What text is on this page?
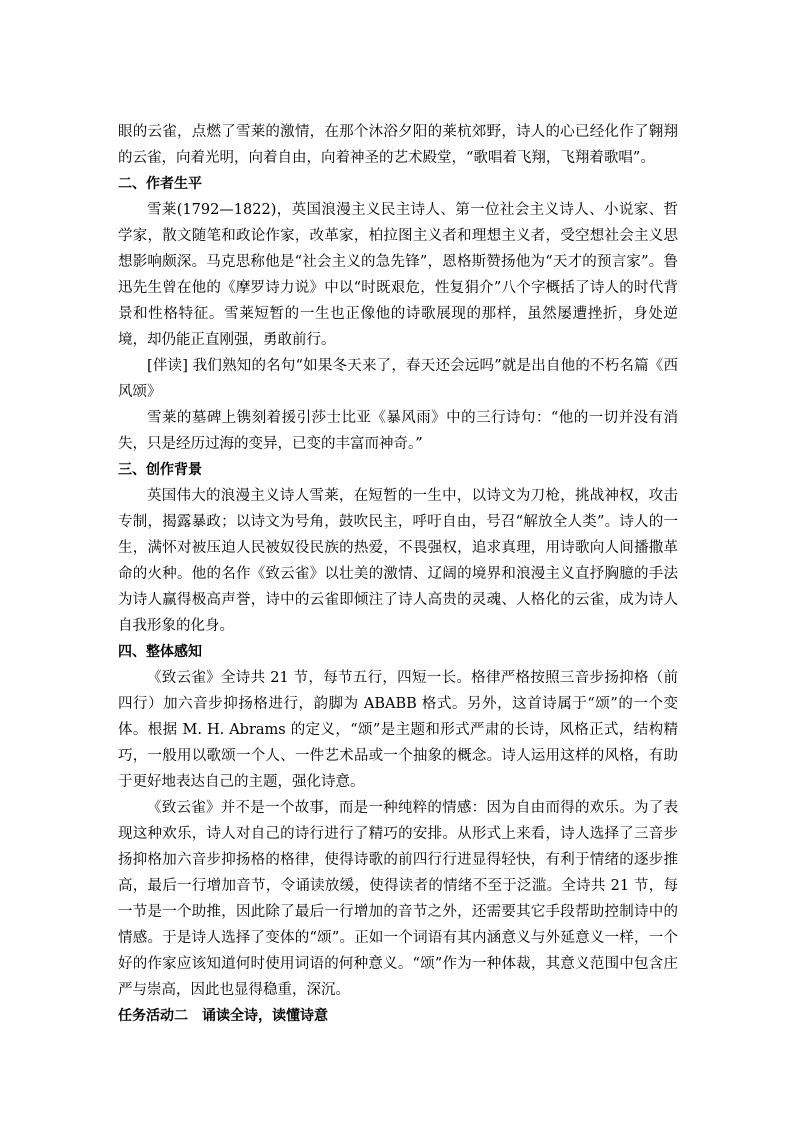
眼的云雀，点燃了雪莱的激情，在那个沐浴夕阳的莱杭郊野，诗人的心已经化作了翱翔的云雀，向着光明，向着自由，向着神圣的艺术殿堂，“歌唱着飞翔，飞翔着歌唱”。

二、作者生平

雪莱(1792—1822)，英国浪漫主义民主诗人、第一位社会主义诗人、小说家、哲学家，散文随笔和政论作家，改革家，柏拉图主义者和理想主义者，受空想社会主义思想影响颇深。马克思称他是“社会主义的急先锋”，恩格斯赞扬他为“天才的预言家”。鲁迅先生曾在他的《摩罗诗力说》中以“时既艰危，性复狷介”八个字概括了诗人的时代背景和性格特征。雪莱短暂的一生也正像他的诗歌展现的那样，虽然屡遭挫折，身处逆境，却仍能正直刚强，勇敢前行。

[伴读] 我们熟知的名句“如果冬天来了，春天还会远吗”就是出自他的不朽名篇《西风颂》

雪莱的墓碑上镌刻着援引莎士比亚《暴风雨》中的三行诗句：“他的一切并没有消失，只是经历过海的变异，已变的丰富而神奇。”

三、创作背景

英国伟大的浪漫主义诗人雪莱，在短暂的一生中，以诗文为刀枪，挑战神权，攻击专制，揭露暴政；以诗文为号角，鼓吹民主，呼吁自由，号召“解放全人类”。诗人的一生，满怀对被压迫人民被奴役民族的热爱，不畏强权，追求真理，用诗歌向人间播撒革命的火种。他的名作《致云雀》以壮美的激情、辽阔的境界和浪漫主义直抒胸臆的手法为诗人赢得极高声誉，诗中的云雀即倾注了诗人高贵的灵魂、人格化的云雀，成为诗人自我形象的化身。

四、整体感知

《致云雀》全诗共 21 节，每节五行，四短一长。格律严格按照三音步扬抑格（前四行）加六音步抑扬格进行，韵脚为 ABABB 格式。另外，这首诗属于“颂”的一个变体。根据 M. H. Abrams 的定义，“颂”是主题和形式严肃的长诗，风格正式，结构精巧，一般用以歌颂一个人、一件艺术品或一个抽象的概念。诗人运用这样的风格，有助于更好地表达自己的主题，强化诗意。

《致云雀》并不是一个故事，而是一种纯粹的情感：因为自由而得的欢乐。为了表现这种欢乐，诗人对自己的诗行进行了精巧的安排。从形式上来看，诗人选择了三音步扬抑格加六音步抑扬格的格律，使得诗歌的前四行行进显得轻快，有利于情绪的逐步推高，最后一行增加音节，令诵读放缓，使得读者的情绪不至于泛滥。全诗共 21 节，每一节是一个助推，因此除了最后一行增加的音节之外，还需要其它手段帮助控制诗中的情感。于是诗人选择了变体的“颂”。正如一个词语有其内涵意义与外延意义一样，一个好的作家应该知道何时使用词语的何种意义。“颂”作为一种体裁，其意义范围中包含庄严与崇高，因此也显得稳重，深沉。

任务活动二　诵读全诗，读懂诗意
